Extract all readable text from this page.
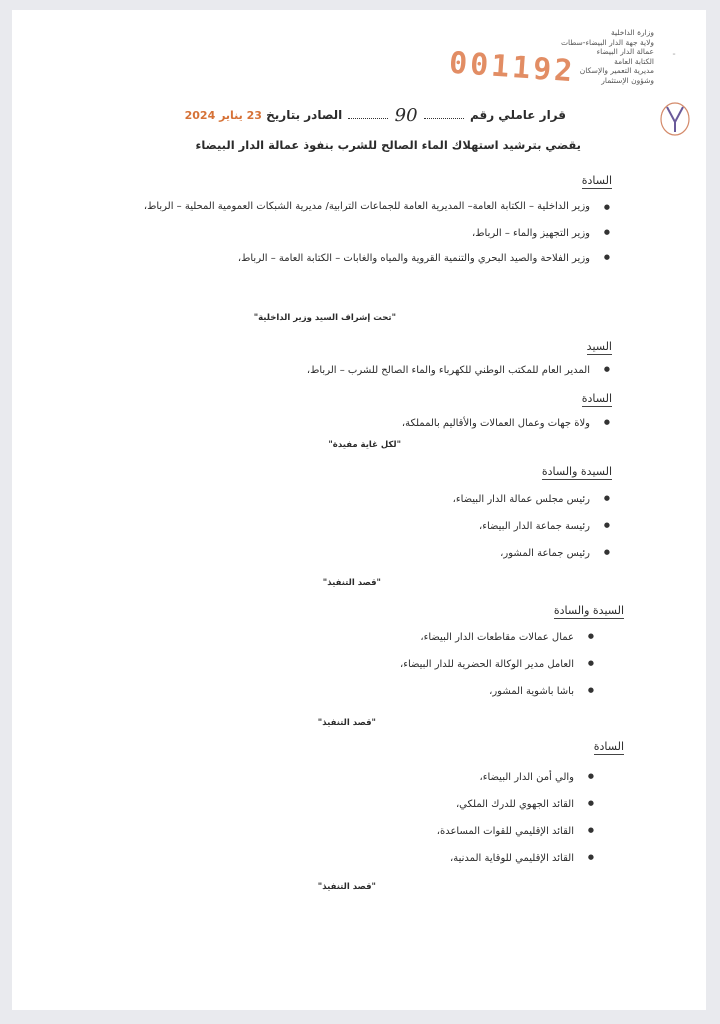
وزارة الداخلية
ولاية جهة الدار البيضاء-سطات
عمالة الدار البيضاء
الكتابة العامة
مديرية التعمير والإسكان
وشؤون الإستثمار
⁃
001192
قرار عاملي رقم  90  الصادر بتاريخ 23 يناير 2024
يقضي بترشيد استهلاك الماء الصالح للشرب بنفوذ عمالة الدار البيضاء
السادة
● وزير الداخلية – الكتابة العامة– المديرية العامة للجماعات الترابية/ مديرية الشبكات العمومية المحلية – الرباط،
● وزير التجهيز والماء – الرباط،
● وزير الفلاحة والصيد البحري والتنمية القروية والمياه والغابات – الكتابة العامة – الرباط،
"تحت إشراف السيد وزير الداخلية"
السيد
● المدير العام للمكتب الوطني للكهرباء والماء الصالح للشرب – الرباط،
السادة
● ولاة جهات وعمال العمالات والأقاليم بالمملكة،
"لكل غاية مفيدة"
السيدة والسادة
● رئيس مجلس عمالة الدار البيضاء،
● رئيسة جماعة الدار البيضاء،
● رئيس جماعة المشور،
"قصد التنفيذ"
السيدة والسادة
● عمال عمالات مقاطعات الدار البيضاء،
● العامل مدير الوكالة الحضرية للدار البيضاء،
● باشا باشوية المشور،
"قصد التنفيذ"
السادة
● والي أمن الدار البيضاء،
● القائد الجهوي للدرك الملكي،
● القائد الإقليمي للقوات المساعدة،
● القائد الإقليمي للوقاية المدنية،
"قصد التنفيذ"
